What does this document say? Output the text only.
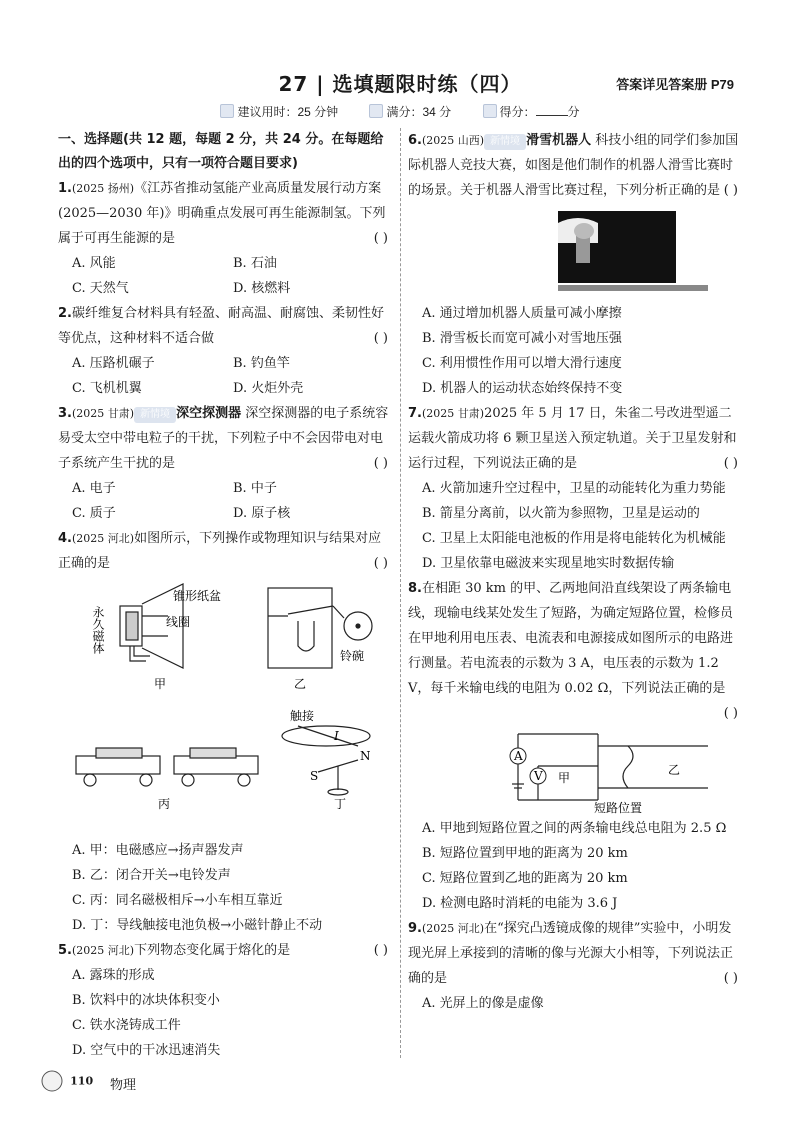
27 | 选填题限时练（四）	答案详见答案册 P79
建议用时：25 分钟	满分：34 分	得分：	分

一、选择题(共 12 题，每题 2 分，共 24 分。在每题给出的四个选项中，只有一项符合题目要求)

1.(2025 扬州)《江苏省推动氢能产业高质量发展行动方案(2025—2030 年)》明确重点发展可再生能源制氢。下列属于可再生能源的是	( )

A. 风能	B. 石油
C. 天然气	D. 核燃料

2.碳纤维复合材料具有轻盈、耐高温、耐腐蚀、柔韧性好等优点，这种材料不适合做	( )

A. 压路机碾子	B. 钓鱼竿
C. 飞机机翼	D. 火炬外壳

3.(2025 甘肃) 新情境 深空探测器 深空探测器的电子系统容易受太空中带电粒子的干扰，下列粒子中不会因带电对电子系统产生干扰的是	( )

A. 电子	B. 中子
C. 质子	D. 原子核

4.(2025 河北)如图所示，下列操作或物理知识与结果对应正确的是	( )

永久磁体
锥形纸盆
线圈
甲
铃碗
乙
丙
触接
I
S
N
丁
A. 甲：电磁感应→扬声器发声
B. 乙：闭合开关→电铃发声
C. 丙：同名磁极相斥→小车相互靠近
D. 丁：导线触接电池负极→小磁针静止不动

5.(2025 河北)下列物态变化属于熔化的是	( )

A. 露珠的形成
B. 饮料中的冰块体积变小
C. 铁水浇铸成工件
D. 空气中的干冰迅速消失

6.(2025 山西) 新情境 滑雪机器人 科技小组的同学们参加国际机器人竞技大赛，如图是他们制作的机器人滑雪比赛时的场景。关于机器人滑雪比赛过程，下列分析正确的是 ( )

A. 通过增加机器人质量可减小摩擦
B. 滑雪板长而宽可减小对雪地压强
C. 利用惯性作用可以增大滑行速度
D. 机器人的运动状态始终保持不变

7.(2025 甘肃)2025 年 5 月 17 日，朱雀二号改进型遥二运载火箭成功将 6 颗卫星送入预定轨道。关于卫星发射和运行过程，下列说法正确的是	( )

A. 火箭加速升空过程中，卫星的动能转化为重力势能
B. 箭星分离前，以火箭为参照物，卫星是运动的
C. 卫星上太阳能电池板的作用是将电能转化为机械能
D. 卫星依靠电磁波来实现星地实时数据传输

8.在相距 30 km 的甲、乙两地间沿直线架设了两条输电线，现输电线某处发生了短路，为确定短路位置，检修员在甲地利用电压表、电流表和电源接成如图所示的电路进行测量。若电流表的示数为 3 A，电压表的示数为 1.2 V，每千米输电线的电阻为 0.02 Ω，下列说法正确的是
( )

A
V 甲
乙
短路位置
A. 甲地到短路位置之间的两条输电线总电阻为 2.5 Ω
B. 短路位置到甲地的距离为 20 km
C. 短路位置到乙地的距离为 20 km
D. 检测电路时消耗的电能为 3.6 J

9.(2025 河北)在“探究凸透镜成像的规律”实验中，小明发现光屏上承接到的清晰的像与光源大小相等，下列说法正确的是	( )

A. 光屏上的像是虚像
110 物理
